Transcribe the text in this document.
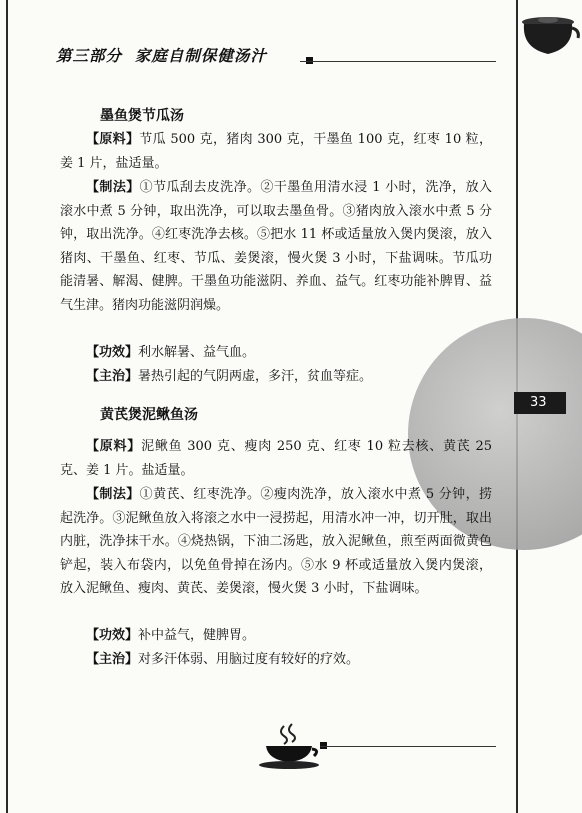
第三部分 家庭自制保健汤汁
33
墨鱼煲节瓜汤
【原料】节瓜 500 克，猪肉 300 克，干墨鱼 100 克，红枣 10 粒，姜 1 片，盐适量。
【制法】①节瓜刮去皮洗净。②干墨鱼用清水浸 1 小时，洗净，放入滚水中煮 5 分钟，取出洗净，可以取去墨鱼骨。③猪肉放入滚水中煮 5 分钟，取出洗净。④红枣洗净去核。⑤把水 11 杯或适量放入煲内煲滚，放入猪肉、干墨鱼、红枣、节瓜、姜煲滚，慢火煲 3 小时，下盐调味。节瓜功能清暑、解渴、健脾。干墨鱼功能滋阴、养血、益气。红枣功能补脾胃、益气生津。猪肉功能滋阴润燥。
【功效】利水解暑、益气血。
【主治】暑热引起的气阴两虚，多汗，贫血等症。
黄芪煲泥鳅鱼汤
【原料】泥鳅鱼 300 克、瘦肉 250 克、红枣 10 粒去核、黄芪 25 克、姜 1 片。盐适量。
【制法】①黄芪、红枣洗净。②瘦肉洗净，放入滚水中煮 5 分钟，捞起洗净。③泥鳅鱼放入将滚之水中一浸捞起，用清水冲一冲，切开肚，取出内脏，洗净抹干水。④烧热锅，下油二汤匙，放入泥鳅鱼，煎至两面微黄色铲起，装入布袋内，以免鱼骨掉在汤内。⑤水 9 杯或适量放入煲内煲滚，放入泥鳅鱼、瘦肉、黄芪、姜煲滚，慢火煲 3 小时，下盐调味。
【功效】补中益气，健脾胃。
【主治】对多汗体弱、用脑过度有较好的疗效。
